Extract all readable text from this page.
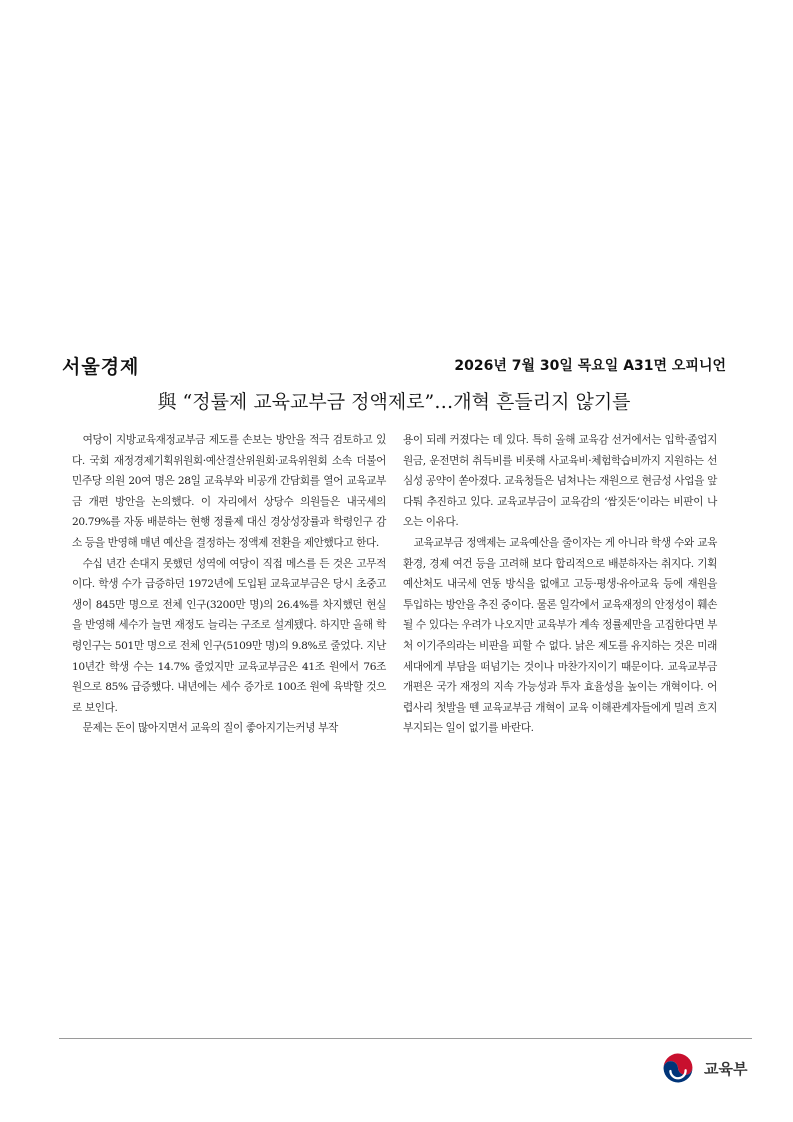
서울경제	2026년 7월 30일 목요일 A31면 오피니언
與 “정률제 교육교부금 정액제로”…개혁 흔들리지 않기를

여당이 지방교육재정교부금 제도를 손보는 방안을 적극 검토하고 있다. 국회 재정경제기획위원회·예산결산위원회·교육위원회 소속 더불어민주당 의원 20여 명은 28일 교육부와 비공개 간담회를 열어 교육교부금 개편 방안을 논의했다. 이 자리에서 상당수 의원들은 내국세의 20.79%를 자동 배분하는 현행 정률제 대신 경상성장률과 학령인구 감소 등을 반영해 매년 예산을 결정하는 정액제 전환을 제안했다고 한다.

수십 년간 손대지 못했던 성역에 여당이 직접 메스를 든 것은 고무적이다. 학생 수가 급증하던 1972년에 도입된 교육교부금은 당시 초중고생이 845만 명으로 전체 인구(3200만 명)의 26.4%를 차지했던 현실을 반영해 세수가 늘면 재정도 늘리는 구조로 설계됐다. 하지만 올해 학령인구는 501만 명으로 전체 인구(5109만 명)의 9.8%로 줄었다. 지난 10년간 학생 수는 14.7% 줄었지만 교육교부금은 41조 원에서 76조 원으로 85% 급증했다. 내년에는 세수 증가로 100조 원에 육박할 것으로 보인다.

문제는 돈이 많아지면서 교육의 질이 좋아지기는커녕 부작

용이 되레 커졌다는 데 있다. 특히 올해 교육감 선거에서는 입학·졸업지원금, 운전면허 취득비를 비롯해 사교육비·체험학습비까지 지원하는 선심성 공약이 쏟아졌다. 교육청들은 넘쳐나는 재원으로 현금성 사업을 앞다퉈 추진하고 있다. 교육교부금이 교육감의 ‘쌈짓돈’이라는 비판이 나오는 이유다.

교육교부금 정액제는 교육예산을 줄이자는 게 아니라 학생 수와 교육 환경, 경제 여건 등을 고려해 보다 합리적으로 배분하자는 취지다. 기획예산처도 내국세 연동 방식을 없애고 고등·평생·유아교육 등에 재원을 투입하는 방안을 추진 중이다. 물론 일각에서 교육재정의 안정성이 훼손될 수 있다는 우려가 나오지만 교육부가 계속 정률제만을 고집한다면 부처 이기주의라는 비판을 피할 수 없다. 낡은 제도를 유지하는 것은 미래 세대에게 부담을 떠넘기는 것이나 마찬가지이기 때문이다. 교육교부금 개편은 국가 재정의 지속 가능성과 투자 효율성을 높이는 개혁이다. 어렵사리 첫발을 뗀 교육교부금 개혁이 교육 이해관계자들에게 밀려 흐지부지되는 일이 없기를 바란다.

교육부
